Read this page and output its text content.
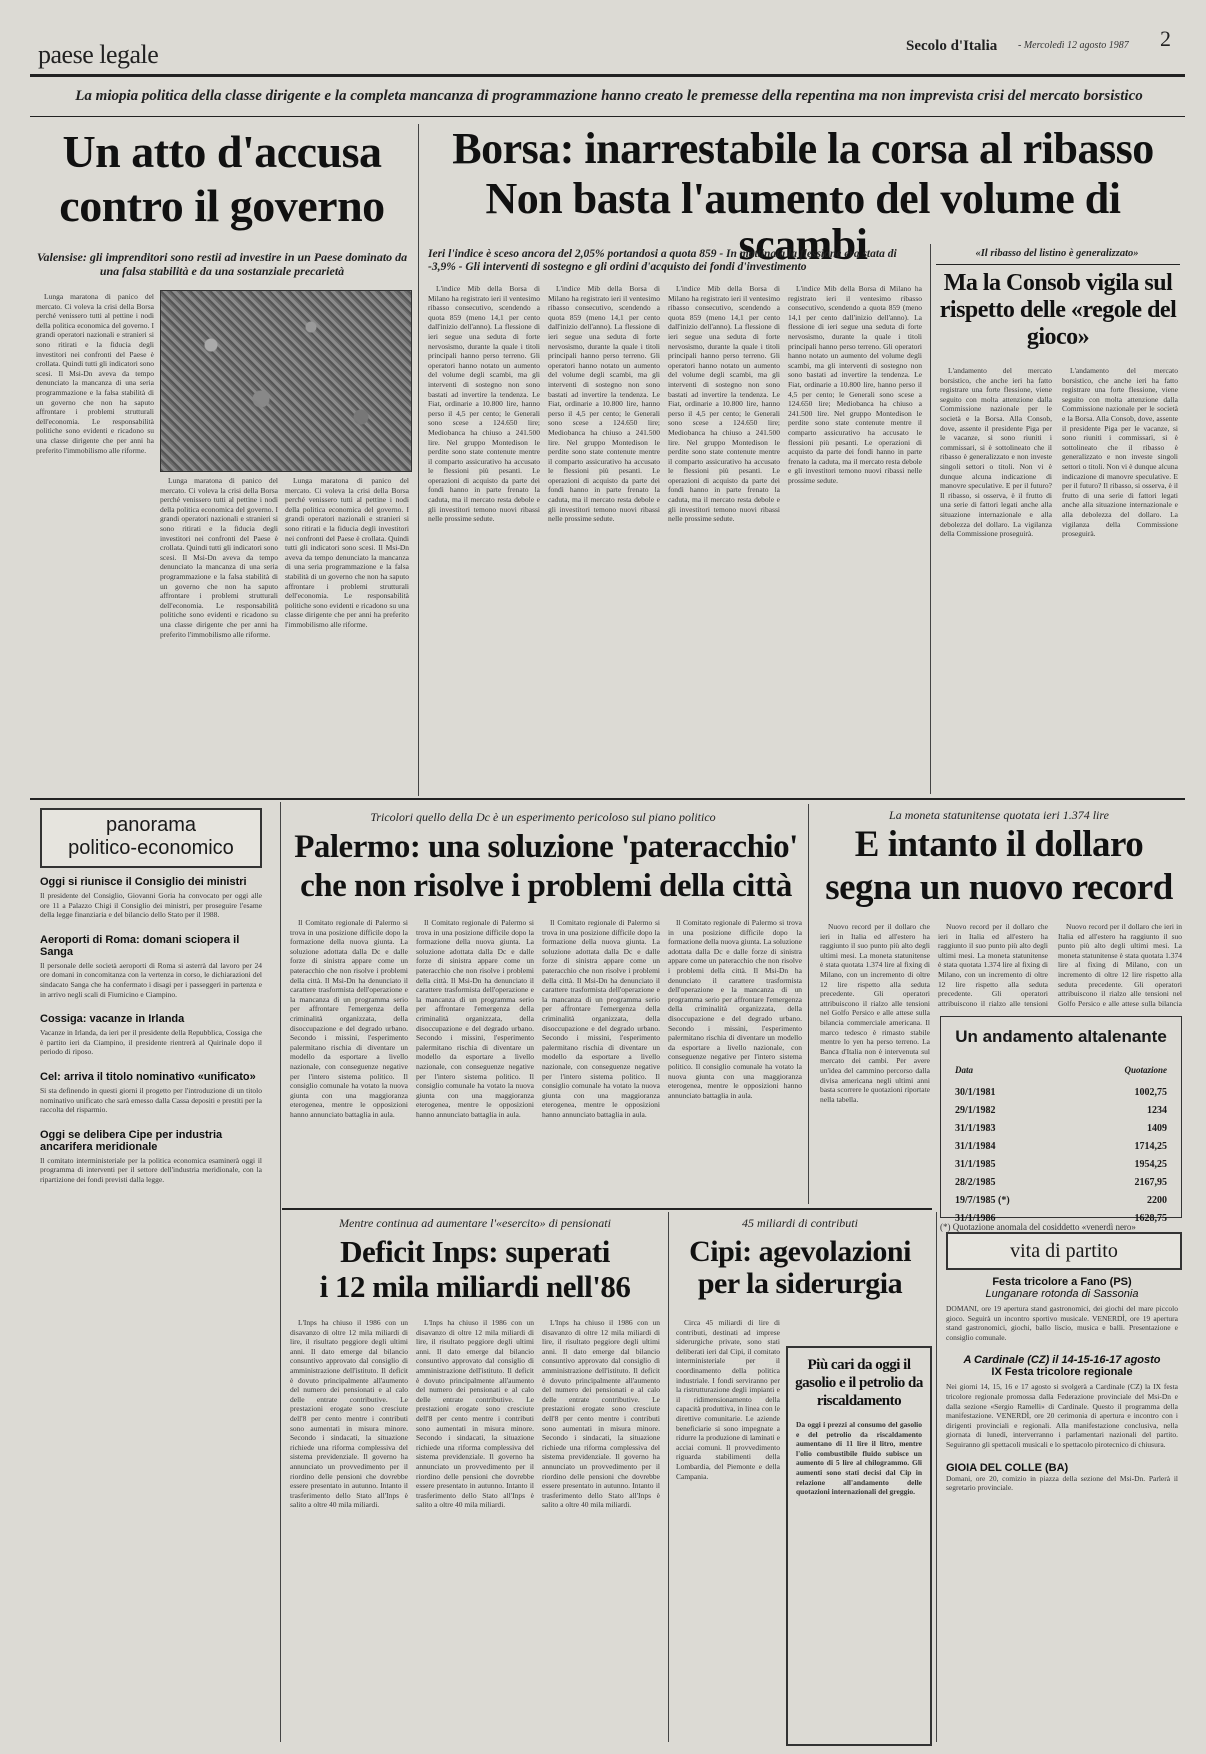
paese legale	Secolo d'Italia - Mercoledì 12 agosto 1987 2
La miopia politica della classe dirigente e la completa mancanza di programmazione hanno creato le premesse della repentina ma non imprevista crisi del mercato borsistico
Un atto d'accusa
contro il governo
Valensise: gli imprenditori sono restii ad investire in un Paese dominato da una falsa stabilità e da una sostanziale precarietà

Lunga maratona di panico del mercato. Ci voleva la crisi della Borsa perché venissero tutti al pettine i nodi della politica economica del governo. I grandi operatori nazionali e stranieri si sono ritirati e la fiducia degli investitori nei confronti del Paese è crollata. Quindi tutti gli indicatori sono scesi. Il Msi-Dn aveva da tempo denunciato la mancanza di una seria programmazione e la falsa stabilità di un governo che non ha saputo affrontare i problemi strutturali dell'economia. Le responsabilità politiche sono evidenti e ricadono su una classe dirigente che per anni ha preferito l'immobilismo alle riforme.

Lunga maratona di panico del mercato. Ci voleva la crisi della Borsa perché venissero tutti al pettine i nodi della politica economica del governo. I grandi operatori nazionali e stranieri si sono ritirati e la fiducia degli investitori nei confronti del Paese è crollata. Quindi tutti gli indicatori sono scesi. Il Msi-Dn aveva da tempo denunciato la mancanza di una seria programmazione e la falsa stabilità di un governo che non ha saputo affrontare i problemi strutturali dell'economia. Le responsabilità politiche sono evidenti e ricadono su una classe dirigente che per anni ha preferito l'immobilismo alle riforme.

Lunga maratona di panico del mercato. Ci voleva la crisi della Borsa perché venissero tutti al pettine i nodi della politica economica del governo. I grandi operatori nazionali e stranieri si sono ritirati e la fiducia degli investitori nei confronti del Paese è crollata. Quindi tutti gli indicatori sono scesi. Il Msi-Dn aveva da tempo denunciato la mancanza di una seria programmazione e la falsa stabilità di un governo che non ha saputo affrontare i problemi strutturali dell'economia. Le responsabilità politiche sono evidenti e ricadono su una classe dirigente che per anni ha preferito l'immobilismo alle riforme.

Borsa: inarrestabile la corsa al ribasso
Non basta l'aumento del volume di scambi
Ieri l'indice è sceso ancora del 2,05% portandosi a quota 859 - In mattinata la flessione era stata di -3,9% - Gli interventi di sostegno e gli ordini d'acquisto dei fondi d'investimento

L'indice Mib della Borsa di Milano ha registrato ieri il ventesimo ribasso consecutivo, scendendo a quota 859 (meno 14,1 per cento dall'inizio dell'anno). La flessione di ieri segue una seduta di forte nervosismo, durante la quale i titoli principali hanno perso terreno. Gli operatori hanno notato un aumento del volume degli scambi, ma gli interventi di sostegno non sono bastati ad invertire la tendenza. Le Fiat, ordinarie a 10.800 lire, hanno perso il 4,5 per cento; le Generali sono scese a 124.650 lire; Mediobanca ha chiuso a 241.500 lire. Nel gruppo Montedison le perdite sono state contenute mentre il comparto assicurativo ha accusato le flessioni più pesanti. Le operazioni di acquisto da parte dei fondi hanno in parte frenato la caduta, ma il mercato resta debole e gli investitori temono nuovi ribassi nelle prossime sedute.

L'indice Mib della Borsa di Milano ha registrato ieri il ventesimo ribasso consecutivo, scendendo a quota 859 (meno 14,1 per cento dall'inizio dell'anno). La flessione di ieri segue una seduta di forte nervosismo, durante la quale i titoli principali hanno perso terreno. Gli operatori hanno notato un aumento del volume degli scambi, ma gli interventi di sostegno non sono bastati ad invertire la tendenza. Le Fiat, ordinarie a 10.800 lire, hanno perso il 4,5 per cento; le Generali sono scese a 124.650 lire; Mediobanca ha chiuso a 241.500 lire. Nel gruppo Montedison le perdite sono state contenute mentre il comparto assicurativo ha accusato le flessioni più pesanti. Le operazioni di acquisto da parte dei fondi hanno in parte frenato la caduta, ma il mercato resta debole e gli investitori temono nuovi ribassi nelle prossime sedute.

L'indice Mib della Borsa di Milano ha registrato ieri il ventesimo ribasso consecutivo, scendendo a quota 859 (meno 14,1 per cento dall'inizio dell'anno). La flessione di ieri segue una seduta di forte nervosismo, durante la quale i titoli principali hanno perso terreno. Gli operatori hanno notato un aumento del volume degli scambi, ma gli interventi di sostegno non sono bastati ad invertire la tendenza. Le Fiat, ordinarie a 10.800 lire, hanno perso il 4,5 per cento; le Generali sono scese a 124.650 lire; Mediobanca ha chiuso a 241.500 lire. Nel gruppo Montedison le perdite sono state contenute mentre il comparto assicurativo ha accusato le flessioni più pesanti. Le operazioni di acquisto da parte dei fondi hanno in parte frenato la caduta, ma il mercato resta debole e gli investitori temono nuovi ribassi nelle prossime sedute.

L'indice Mib della Borsa di Milano ha registrato ieri il ventesimo ribasso consecutivo, scendendo a quota 859 (meno 14,1 per cento dall'inizio dell'anno). La flessione di ieri segue una seduta di forte nervosismo, durante la quale i titoli principali hanno perso terreno. Gli operatori hanno notato un aumento del volume degli scambi, ma gli interventi di sostegno non sono bastati ad invertire la tendenza. Le Fiat, ordinarie a 10.800 lire, hanno perso il 4,5 per cento; le Generali sono scese a 124.650 lire; Mediobanca ha chiuso a 241.500 lire. Nel gruppo Montedison le perdite sono state contenute mentre il comparto assicurativo ha accusato le flessioni più pesanti. Le operazioni di acquisto da parte dei fondi hanno in parte frenato la caduta, ma il mercato resta debole e gli investitori temono nuovi ribassi nelle prossime sedute.

«Il ribasso del listino è generalizzato»
Ma la Consob vigila sul rispetto delle «regole del gioco»

L'andamento del mercato borsistico, che anche ieri ha fatto registrare una forte flessione, viene seguito con molta attenzione dalla Commissione nazionale per le società e la Borsa. Alla Consob, dove, assente il presidente Piga per le vacanze, si sono riuniti i commissari, si è sottolineato che il ribasso è generalizzato e non investe singoli settori o titoli. Non vi è dunque alcuna indicazione di manovre speculative. E per il futuro? Il ribasso, si osserva, è il frutto di una serie di fattori legati anche alla situazione internazionale e alla debolezza del dollaro. La vigilanza della Commissione proseguirà.

L'andamento del mercato borsistico, che anche ieri ha fatto registrare una forte flessione, viene seguito con molta attenzione dalla Commissione nazionale per le società e la Borsa. Alla Consob, dove, assente il presidente Piga per le vacanze, si sono riuniti i commissari, si è sottolineato che il ribasso è generalizzato e non investe singoli settori o titoli. Non vi è dunque alcuna indicazione di manovre speculative. E per il futuro? Il ribasso, si osserva, è il frutto di una serie di fattori legati anche alla situazione internazionale e alla debolezza del dollaro. La vigilanza della Commissione proseguirà.

panorama
politico-economico
Oggi si riunisce il Consiglio dei ministri
Il presidente del Consiglio, Giovanni Goria ha convocato per oggi alle ore 11 a Palazzo Chigi il Consiglio dei ministri, per proseguire l'esame della legge finanziaria e del bilancio dello Stato per il 1988.
Aeroporti di Roma: domani sciopera il Sanga
Il personale delle società aeroporti di Roma si asterrà dal lavoro per 24 ore domani in concomitanza con la vertenza in corso, le dichiarazioni del sindacato Sanga che ha confermato i disagi per i passeggeri in partenza e in arrivo negli scali di Fiumicino e Ciampino.
Cossiga: vacanze in Irlanda
Vacanze in Irlanda, da ieri per il presidente della Repubblica, Cossiga che è partito ieri da Ciampino, il presidente rientrerà al Quirinale dopo il periodo di riposo.
Cel: arriva il titolo nominativo «unificato»
Si sta definendo in questi giorni il progetto per l'introduzione di un titolo nominativo unificato che sarà emesso dalla Cassa depositi e prestiti per la raccolta del risparmio.
Oggi se delibera Cipe per industria ancarifera meridionale
Il comitato interministeriale per la politica economica esaminerà oggi il programma di interventi per il settore dell'industria meridionale, con la ripartizione dei fondi previsti dalla legge.
Tricolori quello della Dc è un esperimento pericoloso sul piano politico
Palermo: una soluzione 'pateracchio'
che non risolve i problemi della città

Il Comitato regionale di Palermo si trova in una posizione difficile dopo la formazione della nuova giunta. La soluzione adottata dalla Dc e dalle forze di sinistra appare come un pateracchio che non risolve i problemi della città. Il Msi-Dn ha denunciato il carattere trasformista dell'operazione e la mancanza di un programma serio per affrontare l'emergenza della criminalità organizzata, della disoccupazione e del degrado urbano. Secondo i missini, l'esperimento palermitano rischia di diventare un modello da esportare a livello nazionale, con conseguenze negative per l'intero sistema politico. Il consiglio comunale ha votato la nuova giunta con una maggioranza eterogenea, mentre le opposizioni hanno annunciato battaglia in aula.

Il Comitato regionale di Palermo si trova in una posizione difficile dopo la formazione della nuova giunta. La soluzione adottata dalla Dc e dalle forze di sinistra appare come un pateracchio che non risolve i problemi della città. Il Msi-Dn ha denunciato il carattere trasformista dell'operazione e la mancanza di un programma serio per affrontare l'emergenza della criminalità organizzata, della disoccupazione e del degrado urbano. Secondo i missini, l'esperimento palermitano rischia di diventare un modello da esportare a livello nazionale, con conseguenze negative per l'intero sistema politico. Il consiglio comunale ha votato la nuova giunta con una maggioranza eterogenea, mentre le opposizioni hanno annunciato battaglia in aula.

Il Comitato regionale di Palermo si trova in una posizione difficile dopo la formazione della nuova giunta. La soluzione adottata dalla Dc e dalle forze di sinistra appare come un pateracchio che non risolve i problemi della città. Il Msi-Dn ha denunciato il carattere trasformista dell'operazione e la mancanza di un programma serio per affrontare l'emergenza della criminalità organizzata, della disoccupazione e del degrado urbano. Secondo i missini, l'esperimento palermitano rischia di diventare un modello da esportare a livello nazionale, con conseguenze negative per l'intero sistema politico. Il consiglio comunale ha votato la nuova giunta con una maggioranza eterogenea, mentre le opposizioni hanno annunciato battaglia in aula.

Il Comitato regionale di Palermo si trova in una posizione difficile dopo la formazione della nuova giunta. La soluzione adottata dalla Dc e dalle forze di sinistra appare come un pateracchio che non risolve i problemi della città. Il Msi-Dn ha denunciato il carattere trasformista dell'operazione e la mancanza di un programma serio per affrontare l'emergenza della criminalità organizzata, della disoccupazione e del degrado urbano. Secondo i missini, l'esperimento palermitano rischia di diventare un modello da esportare a livello nazionale, con conseguenze negative per l'intero sistema politico. Il consiglio comunale ha votato la nuova giunta con una maggioranza eterogenea, mentre le opposizioni hanno annunciato battaglia in aula.

La moneta statunitense quotata ieri 1.374 lire
E intanto il dollaro
segna un nuovo record

Nuovo record per il dollaro che ieri in Italia ed all'estero ha raggiunto il suo punto più alto degli ultimi mesi. La moneta statunitense è stata quotata 1.374 lire al fixing di Milano, con un incremento di oltre 12 lire rispetto alla seduta precedente. Gli operatori attribuiscono il rialzo alle tensioni nel Golfo Persico e alle attese sulla bilancia commerciale americana. Il marco tedesco è rimasto stabile mentre lo yen ha perso terreno. La Banca d'Italia non è intervenuta sul mercato dei cambi. Per avere un'idea del cammino percorso dalla divisa americana negli ultimi anni basta scorrere le quotazioni riportate nella tabella.

Nuovo record per il dollaro che ieri in Italia ed all'estero ha raggiunto il suo punto più alto degli ultimi mesi. La moneta statunitense è stata quotata 1.374 lire al fixing di Milano, con un incremento di oltre 12 lire rispetto alla seduta precedente. Gli operatori attribuiscono il rialzo alle tensioni

Nuovo record per il dollaro che ieri in Italia ed all'estero ha raggiunto il suo punto più alto degli ultimi mesi. La moneta statunitense è stata quotata 1.374 lire al fixing di Milano, con un incremento di oltre 12 lire rispetto alla seduta precedente. Gli operatori attribuiscono il rialzo alle tensioni nel Golfo Persico e alle attese sulla bilancia

Un andamento altalenante
Data	Quotazione
30/1/1981	1002,75
29/1/1982	1234
31/1/1983	1409
31/1/1984	1714,25
31/1/1985	1954,25
28/2/1985	2167,95
19/7/1985 (*)	2200
31/1/1986	1628,75

(*) Quotazione anomala del cosiddetto «venerdì nero»
Mentre continua ad aumentare l'«esercito» di pensionati
Deficit Inps: superati
i 12 mila miliardi nell'86

L'Inps ha chiuso il 1986 con un disavanzo di oltre 12 mila miliardi di lire, il risultato peggiore degli ultimi anni. Il dato emerge dal bilancio consuntivo approvato dal consiglio di amministrazione dell'istituto. Il deficit è dovuto principalmente all'aumento del numero dei pensionati e al calo delle entrate contributive. Le prestazioni erogate sono cresciute dell'8 per cento mentre i contributi sono aumentati in misura minore. Secondo i sindacati, la situazione richiede una riforma complessiva del sistema previdenziale. Il governo ha annunciato un provvedimento per il riordino delle pensioni che dovrebbe essere presentato in autunno. Intanto il trasferimento dello Stato all'Inps è salito a oltre 40 mila miliardi.

L'Inps ha chiuso il 1986 con un disavanzo di oltre 12 mila miliardi di lire, il risultato peggiore degli ultimi anni. Il dato emerge dal bilancio consuntivo approvato dal consiglio di amministrazione dell'istituto. Il deficit è dovuto principalmente all'aumento del numero dei pensionati e al calo delle entrate contributive. Le prestazioni erogate sono cresciute dell'8 per cento mentre i contributi sono aumentati in misura minore. Secondo i sindacati, la situazione richiede una riforma complessiva del sistema previdenziale. Il governo ha annunciato un provvedimento per il riordino delle pensioni che dovrebbe essere presentato in autunno. Intanto il trasferimento dello Stato all'Inps è salito a oltre 40 mila miliardi.

L'Inps ha chiuso il 1986 con un disavanzo di oltre 12 mila miliardi di lire, il risultato peggiore degli ultimi anni. Il dato emerge dal bilancio consuntivo approvato dal consiglio di amministrazione dell'istituto. Il deficit è dovuto principalmente all'aumento del numero dei pensionati e al calo delle entrate contributive. Le prestazioni erogate sono cresciute dell'8 per cento mentre i contributi sono aumentati in misura minore. Secondo i sindacati, la situazione richiede una riforma complessiva del sistema previdenziale. Il governo ha annunciato un provvedimento per il riordino delle pensioni che dovrebbe essere presentato in autunno. Intanto il trasferimento dello Stato all'Inps è salito a oltre 40 mila miliardi.

45 miliardi di contributi
Cipi: agevolazioni
per la siderurgia

Circa 45 miliardi di lire di contributi, destinati ad imprese siderurgiche private, sono stati deliberati ieri dal Cipi, il comitato interministeriale per il coordinamento della politica industriale. I fondi serviranno per la ristrutturazione degli impianti e il ridimensionamento della capacità produttiva, in linea con le direttive comunitarie. Le aziende beneficiarie si sono impegnate a ridurre la produzione di laminati e acciai comuni. Il provvedimento riguarda stabilimenti della Lombardia, del Piemonte e della Campania.

Più cari da oggi il gasolio e il petrolio da riscaldamento
Da oggi i prezzi al consumo del gasolio e del petrolio da riscaldamento aumentano di 11 lire il litro, mentre l'olio combustibile fluido subisce un aumento di 5 lire al chilogrammo. Gli aumenti sono stati decisi dal Cip in relazione all'andamento delle quotazioni internazionali del greggio.
vita di partito
Festa tricolore a Fano (PS)
Lunganare rotonda di Sassonia
DOMANI, ore 19 apertura stand gastronomici, dei giochi del mare piccolo gioco. Seguirà un incontro sportivo musicale. VENERDÌ, ore 19 apertura stand gastronomici, giochi, ballo liscio, musica e balli. Presentazione e consiglio comunale.
A Cardinale (CZ) il 14-15-16-17 agosto
IX Festa tricolore regionale
Nei giorni 14, 15, 16 e 17 agosto si svolgerà a Cardinale (CZ) la IX festa tricolore regionale promossa dalla Federazione provinciale del Msi-Dn e dalla sezione «Sergio Ramelli» di Cardinale. Questo il programma della manifestazione. VENERDÌ, ore 20 cerimonia di apertura e incontro con i dirigenti provinciali e regionali. Alla manifestazione conclusiva, nella giornata di lunedì, interverranno i parlamentari nazionali del partito. Seguiranno gli spettacoli musicali e lo spettacolo pirotecnico di chiusura.
GIOIA DEL COLLE (BA)
Domani, ore 20, comizio in piazza della sezione del Msi-Dn. Parlerà il segretario provinciale.
